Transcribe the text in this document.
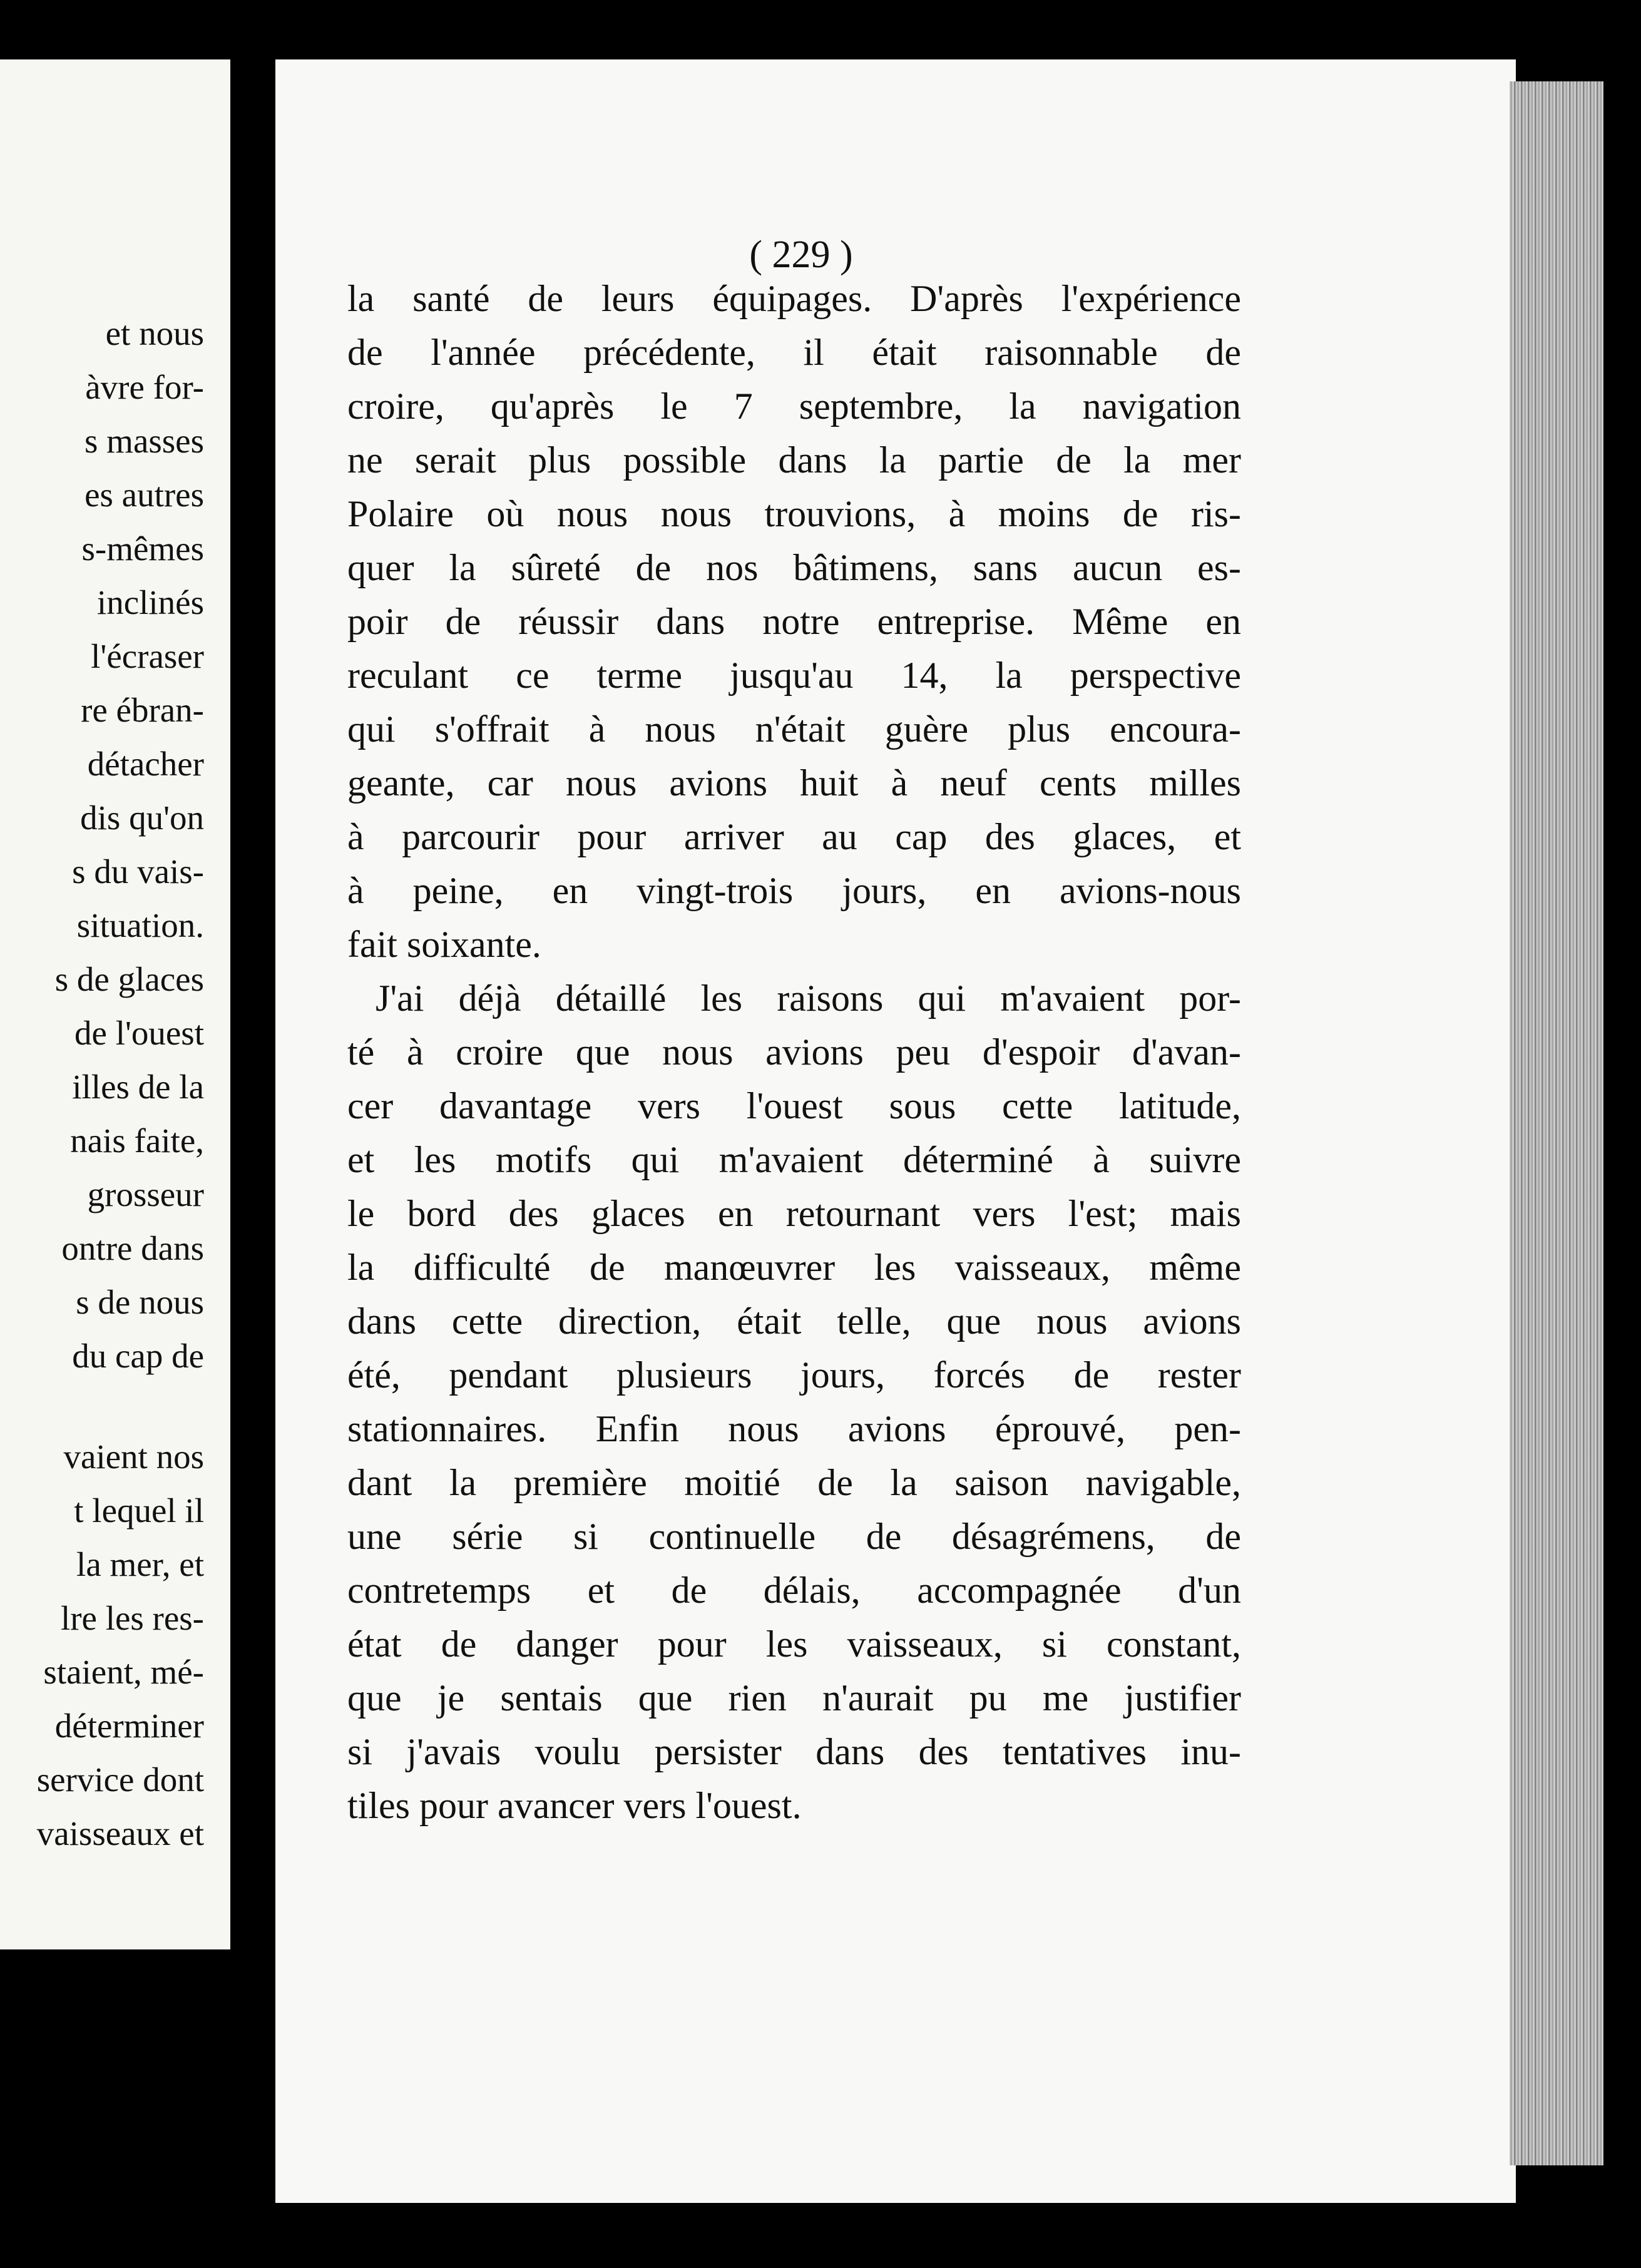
et nous
àvre for-
s masses
es autres
s-mêmes
inclinés
l'écraser
re ébran-
détacher
dis qu'on
s du vais-
situation.
s de glaces
de l'ouest
illes de la
nais faite,
grosseur
ontre dans
s de nous
du cap de
vaient nos
t lequel il
la mer, et
lre les res-
staient, mé-
déterminer
service dont
vaisseaux et
( 229 )
la santé de leurs équipages. D'après l'expérience
de l'année précédente, il était raisonnable de
croire, qu'après le 7 septembre, la navigation
ne serait plus possible dans la partie de la mer
Polaire où nous nous trouvions, à moins de ris-
quer la sûreté de nos bâtimens, sans aucun es-
poir de réussir dans notre entreprise. Même en
reculant ce terme jusqu'au 14, la perspective
qui s'offrait à nous n'était guère plus encoura-
geante, car nous avions huit à neuf cents milles
à parcourir pour arriver au cap des glaces, et
à peine, en vingt-trois jours, en avions-nous
fait soixante.
J'ai déjà détaillé les raisons qui m'avaient por-
té à croire que nous avions peu d'espoir d'avan-
cer davantage vers l'ouest sous cette latitude,
et les motifs qui m'avaient déterminé à suivre
le bord des glaces en retournant vers l'est; mais
la difficulté de manœuvrer les vaisseaux, même
dans cette direction, était telle, que nous avions
été, pendant plusieurs jours, forcés de rester
stationnaires. Enfin nous avions éprouvé, pen-
dant la première moitié de la saison navigable,
une série si continuelle de désagrémens, de
contretemps et de délais, accompagnée d'un
état de danger pour les vaisseaux, si constant,
que je sentais que rien n'aurait pu me justifier
si j'avais voulu persister dans des tentatives inu-
tiles pour avancer vers l'ouest.
